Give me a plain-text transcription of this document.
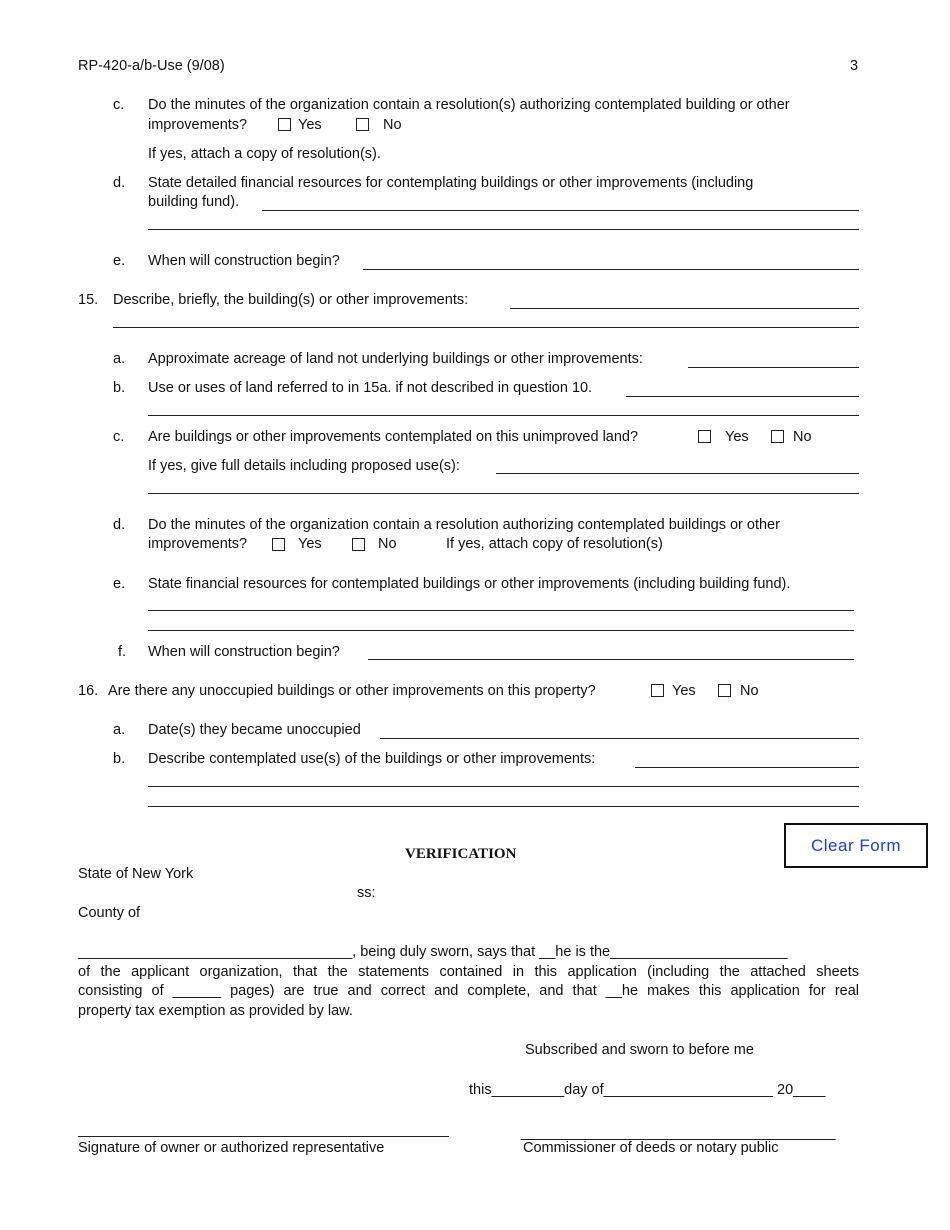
RP-420-a/b-Use (9/08)	3
c. Do the minutes of the organization contain a resolution(s) authorizing contemplated building or other
improvements?	Yes	No
If yes, attach a copy of resolution(s).
d. State detailed financial resources for contemplating buildings or other improvements (including
building fund).
e. When will construction begin?
15. Describe, briefly, the building(s) or other improvements:
a. Approximate acreage of land not underlying buildings or other improvements:
b. Use or uses of land referred to in 15a. if not described in question 10.
c. Are buildings or other improvements contemplated on this unimproved land?	Yes	No
If yes, give full details including proposed use(s):
d. Do the minutes of the organization contain a resolution authorizing contemplated buildings or other
improvements?	Yes	No	If yes, attach copy of resolution(s)
e. State financial resources for contemplated buildings or other improvements (including building fund).
f. When will construction begin?
16. Are there any unoccupied buildings or other improvements on this property?	Yes	No
a. Date(s) they became unoccupied
b. Describe contemplated use(s) of the buildings or other improvements:
Clear Form
VERIFICATION
State of New York
ss:
County of
__________________________________, being duly sworn, says that __he is the______________________
of the applicant organization, that the statements contained in this application (including the attached sheets
consisting of ______ pages) are true and correct and complete, and that __he makes this application for real
property tax exemption as provided by law.
Subscribed and sworn to before me
this_________day of_____________________ 20____
_______________________________________
Signature of owner or authorized representative	Commissioner of deeds or notary public
